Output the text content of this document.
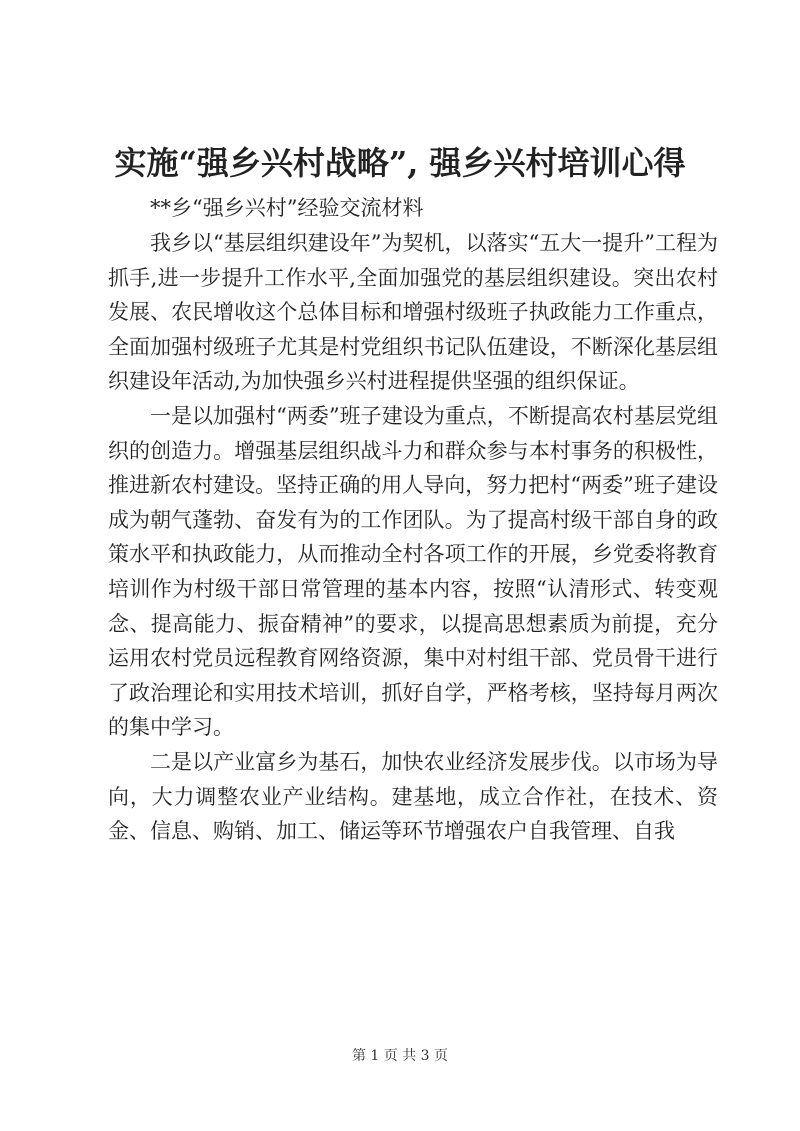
实施“强乡兴村战略”, 强乡兴村培训心得
**乡“强乡兴村”经验交流材料

我乡以“基层组织建设年”为契机，以落实“五大一提升”工程为抓手,进一步提升工作水平,全面加强党的基层组织建设。突出农村发展、农民增收这个总体目标和增强村级班子执政能力工作重点，全面加强村级班子尤其是村党组织书记队伍建设，不断深化基层组织建设年活动,为加快强乡兴村进程提供坚强的组织保证。

一是以加强村“两委”班子建设为重点，不断提高农村基层党组织的创造力。增强基层组织战斗力和群众参与本村事务的积极性，推进新农村建设。坚持正确的用人导向，努力把村“两委”班子建设成为朝气蓬勃、奋发有为的工作团队。为了提高村级干部自身的政策水平和执政能力，从而推动全村各项工作的开展，乡党委将教育培训作为村级干部日常管理的基本内容，按照“认清形式、转变观念、提高能力、振奋精神”的要求，以提高思想素质为前提，充分运用农村党员远程教育网络资源，集中对村组干部、党员骨干进行了政治理论和实用技术培训，抓好自学，严格考核，坚持每月两次的集中学习。

二是以产业富乡为基石，加快农业经济发展步伐。以市场为导向，大力调整农业产业结构。建基地，成立合作社，在技术、资金、信息、购销、加工、储运等环节增强农户自我管理、自我

第 1 页 共 3 页
